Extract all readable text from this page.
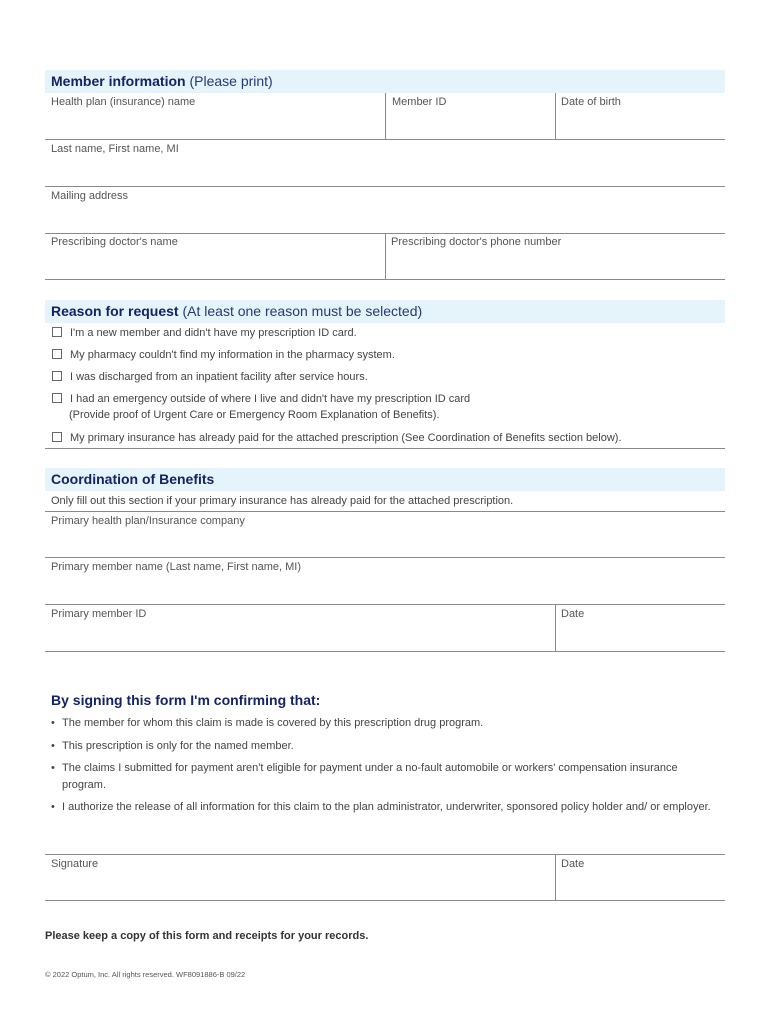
Member information (Please print)
Health plan (insurance) name	Member ID	Date of birth
Last name, First name, MI
Mailing address
Prescribing doctor's name	Prescribing doctor's phone number
Reason for request (At least one reason must be selected)
I'm a new member and didn't have my prescription ID card.
My pharmacy couldn't find my information in the pharmacy system.
I was discharged from an inpatient facility after service hours.
I had an emergency outside of where I live and didn't have my prescription ID card
(Provide proof of Urgent Care or Emergency Room Explanation of Benefits).
My primary insurance has already paid for the attached prescription (See Coordination of Benefits section below).
Coordination of Benefits
Only fill out this section if your primary insurance has already paid for the attached prescription.
Primary health plan/Insurance company
Primary member name (Last name, First name, MI)
Primary member ID	Date
By signing this form I'm confirming that:
• The member for whom this claim is made is covered by this prescription drug program.
• This prescription is only for the named member.
• The claims I submitted for payment aren't eligible for payment under a no-fault automobile or workers' compensation insurance program.
• I authorize the release of all information for this claim to the plan administrator, underwriter, sponsored policy holder and/ or employer.
Signature	Date
Please keep a copy of this form and receipts for your records.
© 2022 Optum, Inc. All rights reserved. WF8091886-B 09/22
